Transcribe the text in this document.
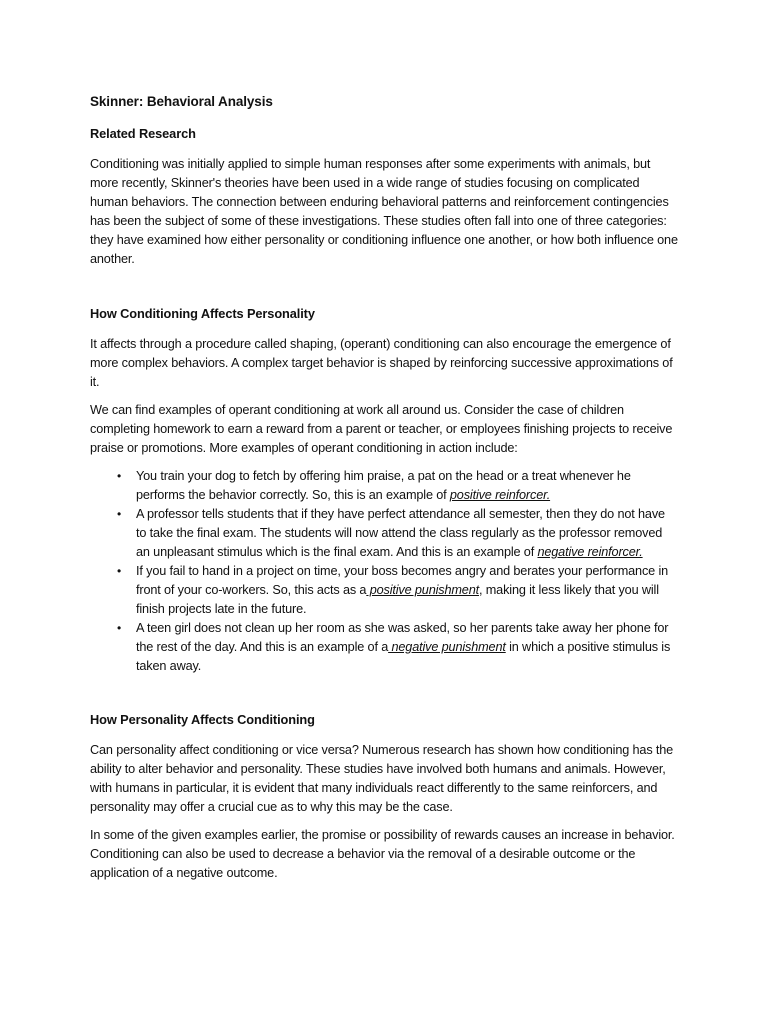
Skinner: Behavioral Analysis
Related Research

Conditioning was initially applied to simple human responses after some experiments with animals, but more recently, Skinner's theories have been used in a wide range of studies focusing on complicated human behaviors. The connection between enduring behavioral patterns and reinforcement contingencies has been the subject of some of these investigations. These studies often fall into one of three categories: they have examined how either personality or conditioning influence one another, or how both influence one another.

How Conditioning Affects Personality

It affects through a procedure called shaping, (operant) conditioning can also encourage the emergence of more complex behaviors. A complex target behavior is shaped by reinforcing successive approximations of it.

We can find examples of operant conditioning at work all around us. Consider the case of children completing homework to earn a reward from a parent or teacher, or employees finishing projects to receive praise or promotions. More examples of operant conditioning in action include:

• You train your dog to fetch by offering him praise, a pat on the head or a treat whenever he performs the behavior correctly. So, this is an example of positive reinforcer.
• A professor tells students that if they have perfect attendance all semester, then they do not have to take the final exam. The students will now attend the class regularly as the professor removed an unpleasant stimulus which is the final exam. And this is an example of negative reinforcer.
• If you fail to hand in a project on time, your boss becomes angry and berates your performance in front of your co-workers. So, this acts as a positive punishment, making it less likely that you will finish projects late in the future.
• A teen girl does not clean up her room as she was asked, so her parents take away her phone for the rest of the day. And this is an example of a negative punishment in which a positive stimulus is taken away.
How Personality Affects Conditioning

Can personality affect conditioning or vice versa? Numerous research has shown how conditioning has the ability to alter behavior and personality. These studies have involved both humans and animals. However, with humans in particular, it is evident that many individuals react differently to the same reinforcers, and personality may offer a crucial cue as to why this may be the case.

In some of the given examples earlier, the promise or possibility of rewards causes an increase in behavior. Conditioning can also be used to decrease a behavior via the removal of a desirable outcome or the application of a negative outcome.
